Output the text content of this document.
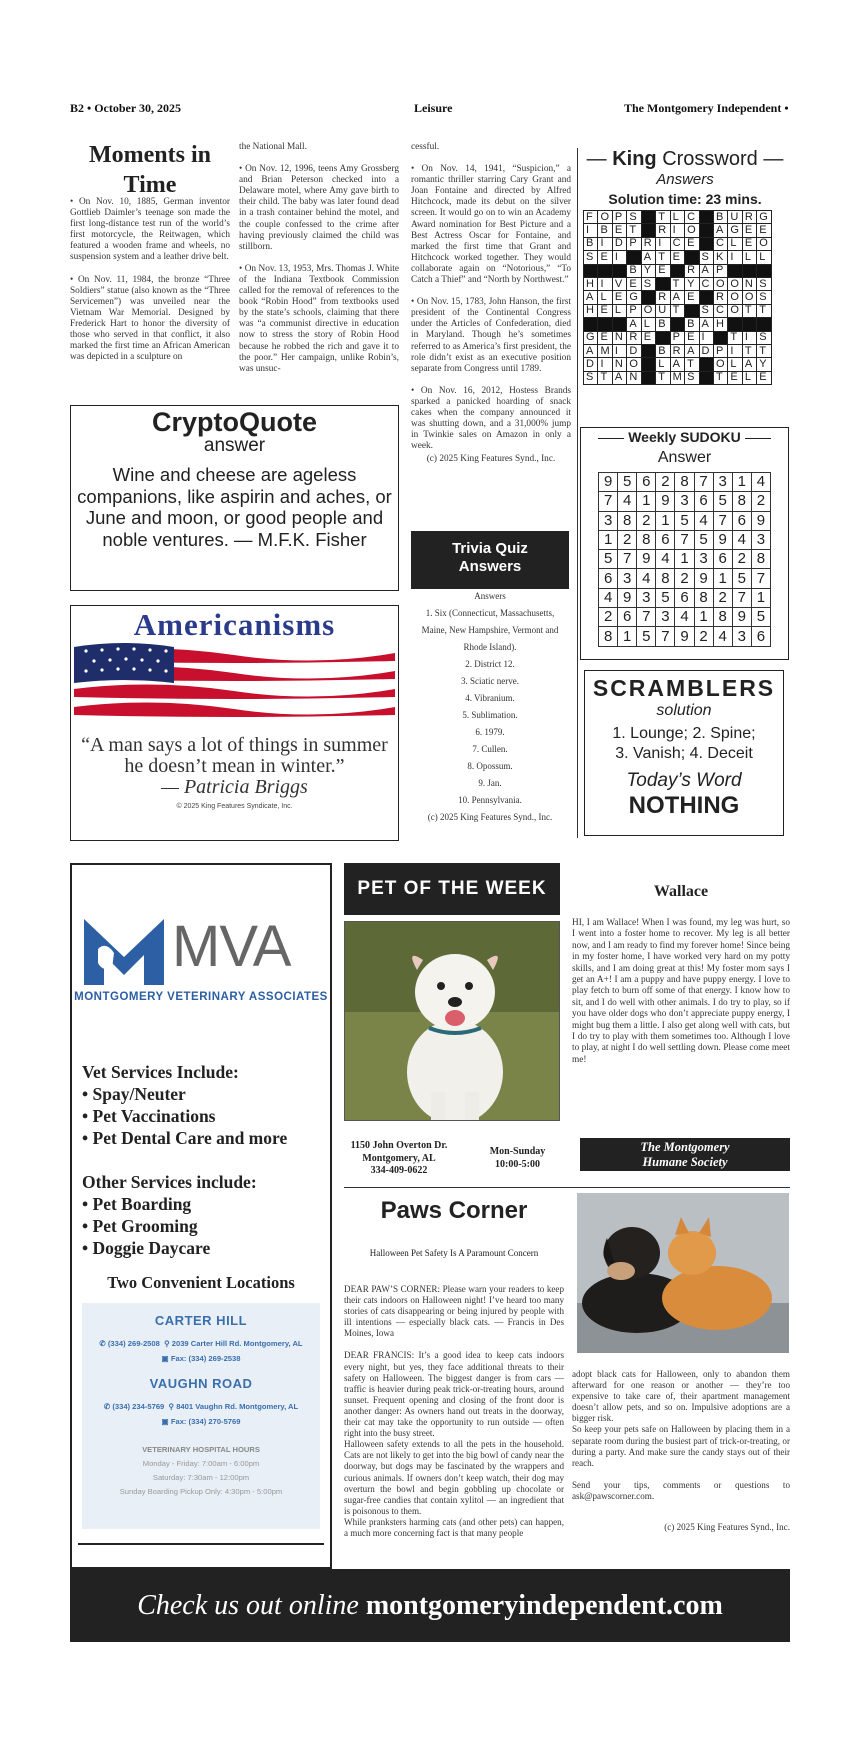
B2 • October 30, 2025	Leisure	The Montgomery Independent •
Moments in Time

• On Nov. 10, 1885, German inventor Gottlieb Daimler’s teenage son made the first long-distance test run of the world’s first motorcycle, the Reitwagen, which featured a wooden frame and wheels, no suspension system and a leather drive belt.

• On Nov. 11, 1984, the bronze “Three Soldiers” statue (also known as the “Three Servicemen”) was unveiled near the Vietnam War Memorial. Designed by Frederick Hart to honor the diversity of those who served in that conflict, it also marked the first time an African American was depicted in a sculpture on

the National Mall.

• On Nov. 12, 1996, teens Amy Grossberg and Brian Peterson checked into a Delaware motel, where Amy gave birth to their child. The baby was later found dead in a trash container behind the motel, and the couple confessed to the crime after having previously claimed the child was stillborn.

• On Nov. 13, 1953, Mrs. Thomas J. White of the Indiana Textbook Commission called for the removal of references to the book “Robin Hood” from textbooks used by the state’s schools, claiming that there was “a communist directive in education now to stress the story of Robin Hood because he robbed the rich and gave it to the poor.” Her campaign, unlike Robin’s, was unsuc-

cessful.

• On Nov. 14, 1941, “Suspicion,” a romantic thriller starring Cary Grant and Joan Fontaine and directed by Alfred Hitchcock, made its debut on the silver screen. It would go on to win an Academy Award nomination for Best Picture and a Best Actress Oscar for Fontaine, and marked the first time that Grant and Hitchcock worked together. They would collaborate again on “Notorious,” “To Catch a Thief” and “North by Northwest.”

• On Nov. 15, 1783, John Hanson, the first president of the Continental Congress under the Articles of Confederation, died in Maryland. Though he’s sometimes referred to as America’s first president, the role didn’t exist as an executive position separate from Congress until 1789.

• On Nov. 16, 2012, Hostess Brands sparked a panicked hoarding of snack cakes when the company announced it was shutting down, and a 31,000% jump in Twinkie sales on Amazon in only a week.

(c) 2025 King Features Synd., Inc.
CryptoQuote
answer
Wine and cheese are ageless companions, like aspirin and aches, or June and moon, or good people and noble ventures. — M.F.K. Fisher
Americanisms
“A man says a lot of things in summer he doesn’t mean in winter.”
— Patricia Briggs
© 2025 King Features Syndicate, Inc.
Trivia Quiz
Answers
Answers
1. Six (Connecticut, Massachusetts,
Maine, New Hampshire, Vermont and
Rhode Island).
2. District 12.
3. Sciatic nerve.
4. Vibranium.
5. Sublimation.
6. 1979.
7. Cullen.
8. Opossum.
9. Jan.
10. Pennsylvania.
(c) 2025 King Features Synd., Inc.
— King Crossword —
Answers
Solution time: 23 mins.
F	O	P	S		T	L	C		B	U	R	G
I	B	E	T		R	I	O		A	G	E	E
B	I	D	P	R	I	C	E		C	L	E	O
S	E	I		A	T	E		S	K	I	L	L
			B	Y	E		R	A	P			
H	I	V	E	S		T	Y	C	O	O	N	S
A	L	E	G		R	A	E		R	O	O	S
H	E	L	P	O	U	T		S	C	O	T	T
			A	L	B		B	A	H			
G	E	N	R	E		P	E	I		T	I	S
A	M	I	D		B	R	A	D	P	I	T	T
D	I	N	O		L	A	T		O	L	A	Y
S	T	A	N		T	M	S		T	E	L	E
Weekly SUDOKU
Answer
9	5	6	2	8	7	3	1	4
7	4	1	9	3	6	5	8	2
3	8	2	1	5	4	7	6	9
1	2	8	6	7	5	9	4	3
5	7	9	4	1	3	6	2	8
6	3	4	8	2	9	1	5	7
4	9	3	5	6	8	2	7	1
2	6	7	3	4	1	8	9	5
8	1	5	7	9	2	4	3	6
SCRAMBLERS
solution
1. Lounge; 2. Spine;
3. Vanish; 4. Deceit
Today’s Word
NOTHING
MVA
MONTGOMERY VETERINARY ASSOCIATES
Vet Services Include:
• Spay/Neuter
• Pet Vaccinations
• Pet Dental Care and more
Other Services include:
• Pet Boarding
• Pet Grooming
• Doggie Daycare
Two Convenient Locations
CARTER HILL
✆ (334) 269-2508 ⚲ 2039 Carter Hill Rd. Montgomery, AL
▣ Fax: (334) 269-2538
VAUGHN ROAD
✆ (334) 234-5769 ⚲ 8401 Vaughn Rd. Montgomery, AL
▣ Fax: (334) 270-5769
VETERINARY HOSPITAL HOURS
Monday - Friday: 7:00am - 6:00pm
Saturday: 7:30am - 12:00pm
Sunday Boarding Pickup Only: 4:30pm - 5:00pm
PET OF THE WEEK	Wallace
HI, I am Wallace! When I was found, my leg was hurt, so I went into a foster home to recover. My leg is all better now, and I am ready to find my forever home! Since being in my foster home, I have worked very hard on my potty skills, and I am doing great at this! My foster mom says I get an A+! I am a puppy and have puppy energy. I love to play fetch to burn off some of that energy. I know how to sit, and I do well with other animals. I do try to play, so if you have older dogs who don’t appreciate puppy energy, I might bug them a little. I also get along well with cats, but I do try to play with them sometimes too. Although I love to play, at night I do well settling down. Please come meet me!
1150 John Overton Dr.
Montgomery, AL
334-409-0622
Mon-Sunday
10:00-5:00
The Montgomery
Humane Society
Paws Corner
Halloween Pet Safety Is A Paramount Concern

DEAR PAW’S CORNER: Please warn your readers to keep their cats indoors on Halloween night! I’ve heard too many stories of cats disappearing or being injured by people with ill intentions — especially black cats. — Francis in Des Moines, Iowa

DEAR FRANCIS: It’s a good idea to keep cats indoors every night, but yes, they face additional threats to their safety on Halloween. The biggest danger is from cars — traffic is heavier during peak trick-or-treating hours, around sunset. Frequent opening and closing of the front door is another danger: As owners hand out treats in the doorway, their cat may take the opportunity to run outside — often right into the busy street.

Halloween safety extends to all the pets in the household. Cats are not likely to get into the big bowl of candy near the doorway, but dogs may be fascinated by the wrappers and curious animals. If owners don’t keep watch, their dog may overturn the bowl and begin gobbling up chocolate or sugar-free candies that contain xylitol — an ingredient that is poisonous to them.

While pranksters harming cats (and other pets) can happen, a much more concerning fact is that many people

adopt black cats for Halloween, only to abandon them afterward for one reason or another — they’re too expensive to take care of, their apartment management doesn’t allow pets, and so on. Impulsive adoptions are a bigger risk.

So keep your pets safe on Halloween by placing them in a separate room during the busiest part of trick-or-treating, or during a party. And make sure the candy stays out of their reach.

Send your tips, comments or questions to ask@pawscorner.com.

(c) 2025 King Features Synd., Inc.
Check us out online montgomeryindependent.com
